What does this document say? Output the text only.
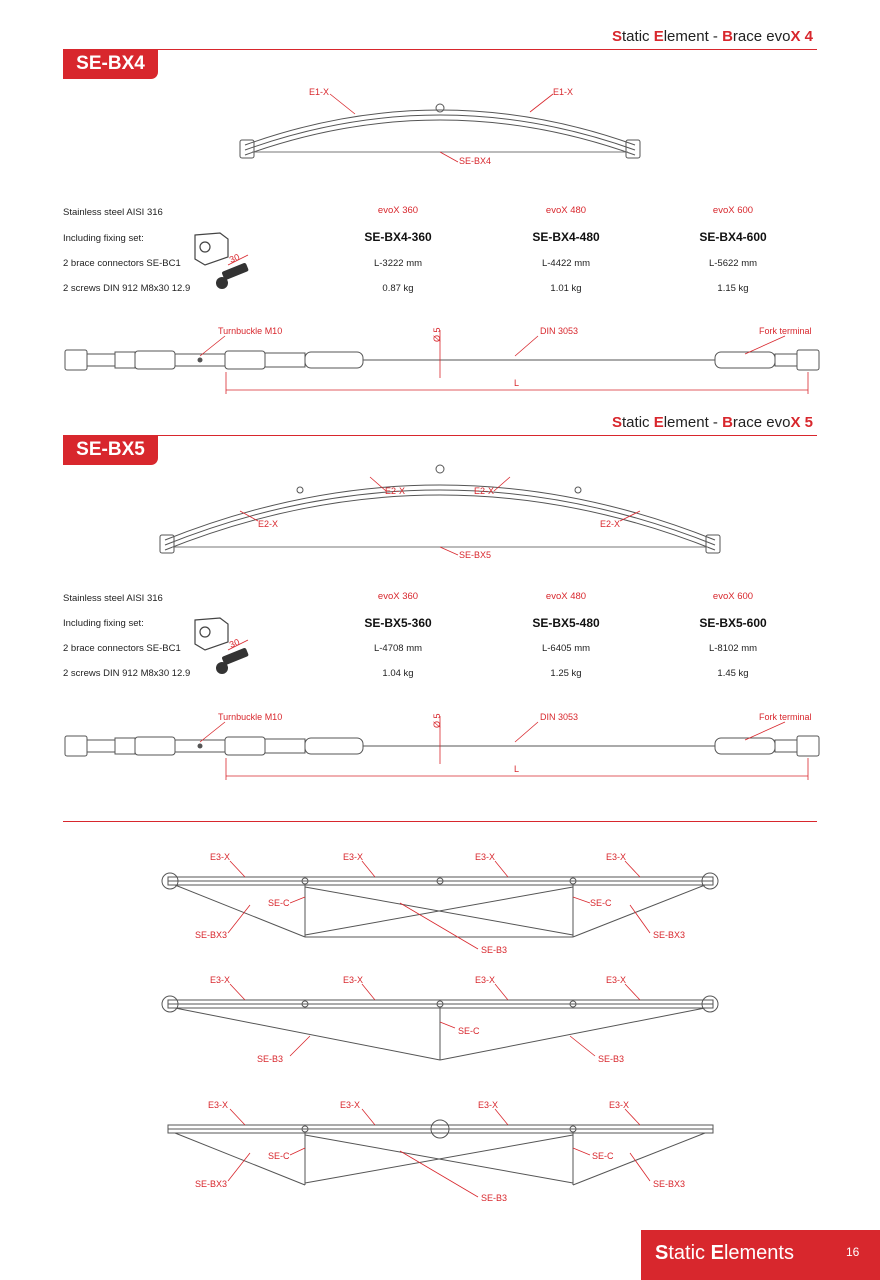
Static Element - Brace evoX 4
SE-BX4
E1-X	E1-X
SE-BX4
Stainless steel AISI 316
Including fixing set:
2 brace connectors SE-BC1
2 screws DIN 912 M8x30 12.9
30
evoX 360	evoX 480	evoX 600
SE-BX4-360	SE-BX4-480	SE-BX4-600
L-3222 mm	L-4422 mm	L-5622 mm
0.87 kg	1.01 kg	1.15 kg
Turnbuckle M10	Ø 5	DIN 3053	Fork terminal
L
Static Element - Brace evoX 5
SE-BX5
E2-X	E2-X
E2-X	E2-X
SE-BX5
Stainless steel AISI 316
Including fixing set:
2 brace connectors SE-BC1
2 screws DIN 912 M8x30 12.9
30
evoX 360	evoX 480	evoX 600
SE-BX5-360	SE-BX5-480	SE-BX5-600
L-4708 mm	L-6405 mm	L-8102 mm
1.04 kg	1.25 kg	1.45 kg
Turnbuckle M10	Ø 5	DIN 3053	Fork terminal
L
E3-X	E3-X	E3-X	E3-X
SE-C	SE-C
SE-BX3	SE-BX3
SE-B3
E3-X	E3-X	E3-X	E3-X
SE-C
SE-B3	SE-B3
E3-X	E3-X	E3-X	E3-X
SE-C	SE-C
SE-BX3	SE-BX3
SE-B3
Static Elements	16
